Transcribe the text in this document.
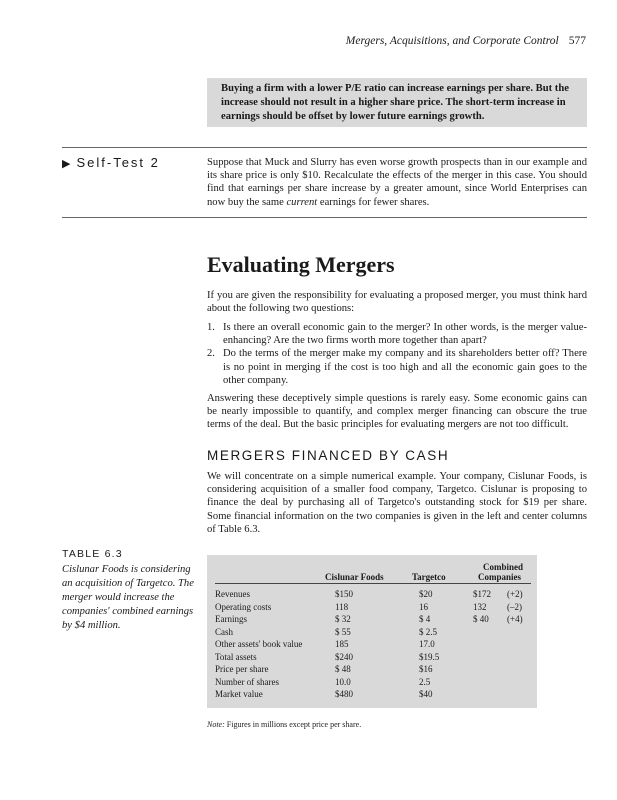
Mergers, Acquisitions, and Corporate Control 577
Buying a firm with a lower P/E ratio can increase earnings per share. But the increase should not result in a higher share price. The short-term increase in earnings should be offset by lower future earnings growth.
▶ Self-Test 2	Suppose that Muck and Slurry has even worse growth prospects than in our example and its share price is only $10. Recalculate the effects of the merger in this case. You should find that earnings per share increase by a greater amount, since World Enterprises can now buy the same current earnings for fewer shares.
Evaluating Mergers
If you are given the responsibility for evaluating a proposed merger, you must think hard about the following two questions:
1. Is there an overall economic gain to the merger? In other words, is the merger value-enhancing? Are the two firms worth more together than apart?
2. Do the terms of the merger make my company and its shareholders better off? There is no point in merging if the cost is too high and all the economic gain goes to the other company.
Answering these deceptively simple questions is rarely easy. Some economic gains can be nearly impossible to quantify, and complex merger financing can obscure the true terms of the deal. But the basic principles for evaluating mergers are not too difficult.
MERGERS FINANCED BY CASH
We will concentrate on a simple numerical example. Your company, Cislunar Foods, is considering acquisition of a smaller food company, Targetco. Cislunar is proposing to finance the deal by purchasing all of Targetco's outstanding stock for $19 per share. Some financial information on the two companies is given in the left and center columns of Table 6.3.
TABLE 6.3
Cislunar Foods is considering an acquisition of Targetco. The merger would increase the companies' combined earnings by $4 million.
Cislunar Foods	Targetco
Combined
Companies
Revenues	$150	$20	$172 (+2)
Operating costs	118	16	132 (–2)
Earnings	$ 32	$ 4	$ 40 (+4)
Cash	$ 55	$ 2.5
Other assets' book value	185	17.0
Total assets	$240	$19.5
Price per share	$ 48	$16
Number of shares	10.0	2.5
Market value	$480	$40
Note: Figures in millions except price per share.
